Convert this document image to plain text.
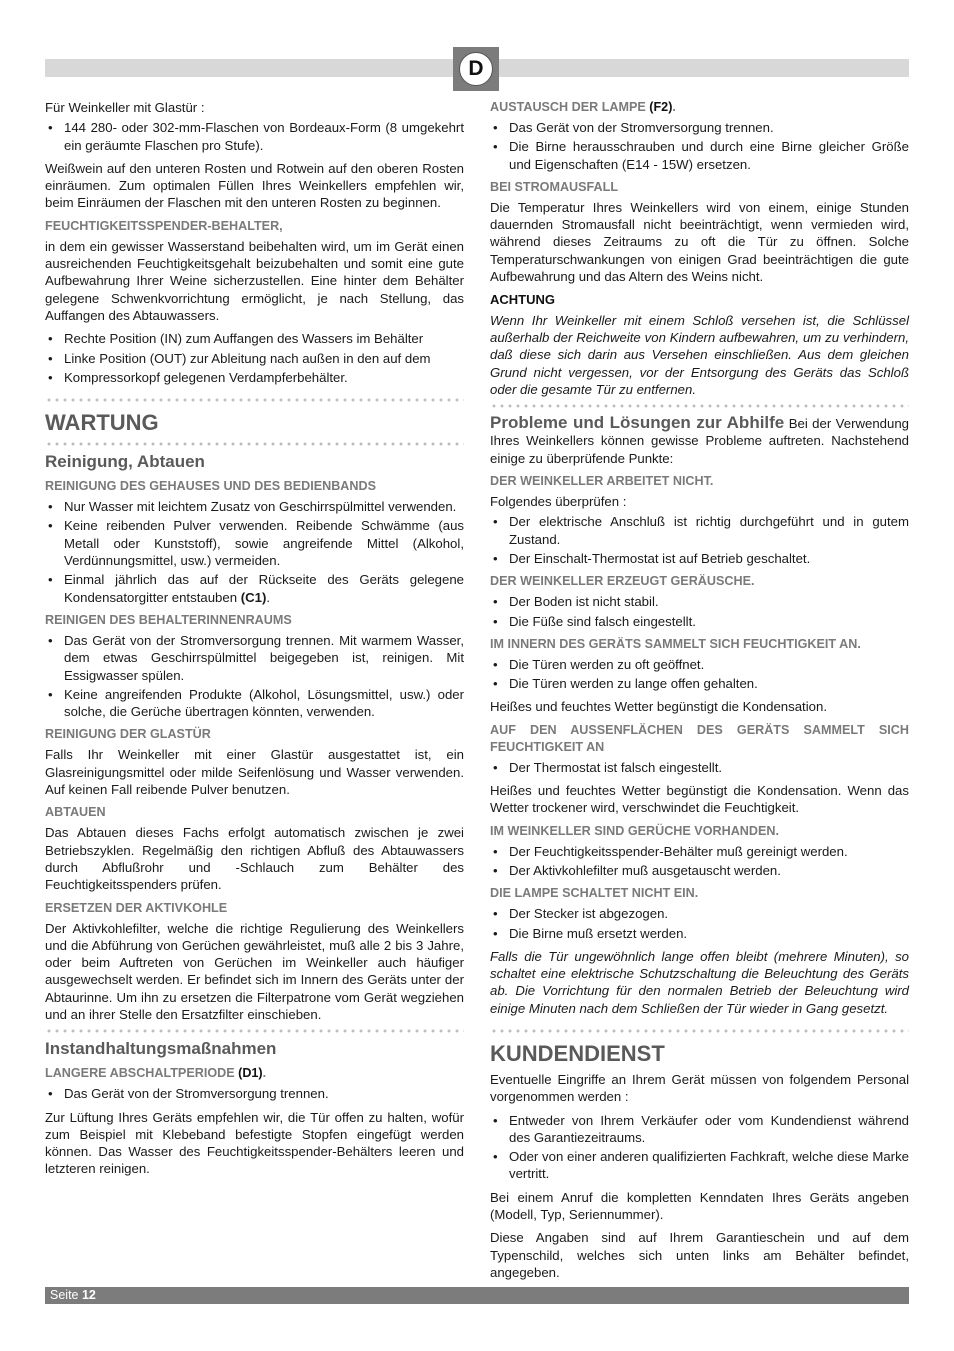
D

Für Weinkeller mit Glastür :

• 144 280- oder 302-mm-Flaschen von Bordeaux-Form (8 umgekehrt ein geräumte Flaschen pro Stufe).

Weißwein auf den unteren Rosten und Rotwein auf den oberen Rosten einräumen. Zum optimalen Füllen Ihres Weinkellers empfehlen wir, beim Einräumen der Flaschen mit den unteren Rosten zu beginnen.

FEUCHTIGKEITSSPENDER-BEHALTER,

in dem ein gewisser Wasserstand beibehalten wird, um im Gerät einen ausreichenden Feuchtigkeitsgehalt beizubehalten und somit eine gute Aufbewahrung Ihrer Weine sicherzustellen. Eine hinter dem Behälter gelegene Schwenkvorrichtung ermöglicht, je nach Stellung, das Auffangen des Abtauwassers.

• Rechte Position (IN) zum Auffangen des Wassers im Behälter
• Linke Position (OUT) zur Ableitung nach außen in den auf dem
• Kompressorkopf gelegenen Verdampferbehälter.
WARTUNG
Reinigung, Abtauen
REINIGUNG DES GEHAUSES UND DES BEDIENBANDS
• Nur Wasser mit leichtem Zusatz von Geschirrspülmittel verwenden.
• Keine reibenden Pulver verwenden. Reibende Schwämme (aus Metall oder Kunststoff), sowie angreifende Mittel (Alkohol, Verdünnungsmittel, usw.) vermeiden.
• Einmal jährlich das auf der Rückseite des Geräts gelegene Kondensatorgitter entstauben (C1).
REINIGEN DES BEHALTERINNENRAUMS
• Das Gerät von der Stromversorgung trennen. Mit warmem Wasser, dem etwas Geschirrspülmittel beigegeben ist, reinigen. Mit Essigwasser spülen.
• Keine angreifenden Produkte (Alkohol, Lösungsmittel, usw.) oder solche, die Gerüche übertragen könnten, verwenden.
REINIGUNG DER GLASTÜR

Falls Ihr Weinkeller mit einer Glastür ausgestattet ist, ein Glasreinigungsmittel oder milde Seifenlösung und Wasser verwenden. Auf keinen Fall reibende Pulver benutzen.

ABTAUEN

Das Abtauen dieses Fachs erfolgt automatisch zwischen je zwei Betriebszyklen. Regelmäßig den richtigen Abfluß des Abtauwassers durch Abflußrohr und -Schlauch zum Behälter des Feuchtigkeitsspenders prüfen.

ERSETZEN DER AKTIVKOHLE

Der Aktivkohlefilter, welche die richtige Regulierung des Weinkellers und die Abführung von Gerüchen gewährleistet, muß alle 2 bis 3 Jahre, oder beim Auftreten von Gerüchen im Weinkeller auch häufiger ausgewechselt werden. Er befindet sich im Innern des Geräts unter der Abtaurinne. Um ihn zu ersetzen die Filterpatrone vom Gerät wegziehen und an ihrer Stelle den Ersatzfilter einschieben.

Instandhaltungsmaßnahmen
LANGERE ABSCHALTPERIODE (D1).
• Das Gerät von der Stromversorgung trennen.

Zur Lüftung Ihres Geräts empfehlen wir, die Tür offen zu halten, wofür zum Beispiel mit Klebeband befestigte Stopfen eingefügt werden können. Das Wasser des Feuchtigkeitsspender-Behälters leeren und letzteren reinigen.

AUSTAUSCH DER LAMPE (F2).
• Das Gerät von der Stromversorgung trennen.
• Die Birne herausschrauben und durch eine Birne gleicher Größe und Eigenschaften (E14 - 15W) ersetzen.
BEI STROMAUSFALL

Die Temperatur Ihres Weinkellers wird von einem, einige Stunden dauernden Stromausfall nicht beeinträchtigt, wenn vermieden wird, während dieses Zeitraums zu oft die Tür zu öffnen. Solche Temperaturschwankungen von einigen Grad beeinträchtigen die gute Aufbewahrung und das Altern des Weins nicht.

ACHTUNG

Wenn Ihr Weinkeller mit einem Schloß versehen ist, die Schlüssel außerhalb der Reichweite von Kindern aufbewahren, um zu verhindern, daß diese sich darin aus Versehen einschließen. Aus dem gleichen Grund nicht vergessen, vor der Entsorgung des Geräts das Schloß oder die gesamte Tür zu entfernen.

Probleme und Lösungen zur Abhilfe Bei der Verwendung Ihres Weinkellers können gewisse Probleme auftreten. Nachstehend einige zu überprüfende Punkte:

DER WEINKELLER ARBEITET NICHT.

Folgendes überprüfen :

• Der elektrische Anschluß ist richtig durchgeführt und in gutem Zustand.
• Der Einschalt-Thermostat ist auf Betrieb geschaltet.
DER WEINKELLER ERZEUGT GERÄUSCHE.
• Der Boden ist nicht stabil.
• Die Füße sind falsch eingestellt.
IM INNERN DES GERÄTS SAMMELT SICH FEUCHTIGKEIT AN.
• Die Türen werden zu oft geöffnet.
• Die Türen werden zu lange offen gehalten.

Heißes und feuchtes Wetter begünstigt die Kondensation.

AUF DEN AUSSENFLÄCHEN DES GERÄTS SAMMELT SICH FEUCHTIGKEIT AN
• Der Thermostat ist falsch eingestellt.

Heißes und feuchtes Wetter begünstigt die Kondensation. Wenn das Wetter trockener wird, verschwindet die Feuchtigkeit.

IM WEINKELLER SIND GERÜCHE VORHANDEN.
• Der Feuchtigkeitsspender-Behälter muß gereinigt werden.
• Der Aktivkohlefilter muß ausgetauscht werden.
DIE LAMPE SCHALTET NICHT EIN.
• Der Stecker ist abgezogen.
• Die Birne muß ersetzt werden.

Falls die Tür ungewöhnlich lange offen bleibt (mehrere Minuten), so schaltet eine elektrische Schutzschaltung die Beleuchtung des Geräts ab. Die Vorrichtung für den normalen Betrieb der Beleuchtung wird einige Minuten nach dem Schließen der Tür wieder in Gang gesetzt.

KUNDENDIENST

Eventuelle Eingriffe an Ihrem Gerät müssen von folgendem Personal vorgenommen werden :

• Entweder von Ihrem Verkäufer oder vom Kundendienst während des Garantiezeitraums.
• Oder von einer anderen qualifizierten Fachkraft, welche diese Marke vertritt.

Bei einem Anruf die kompletten Kenndaten Ihres Geräts angeben (Modell, Typ, Seriennummer).

Diese Angaben sind auf Ihrem Garantieschein und auf dem Typenschild, welches sich unten links am Behälter befindet, angegeben.

Seite 12
